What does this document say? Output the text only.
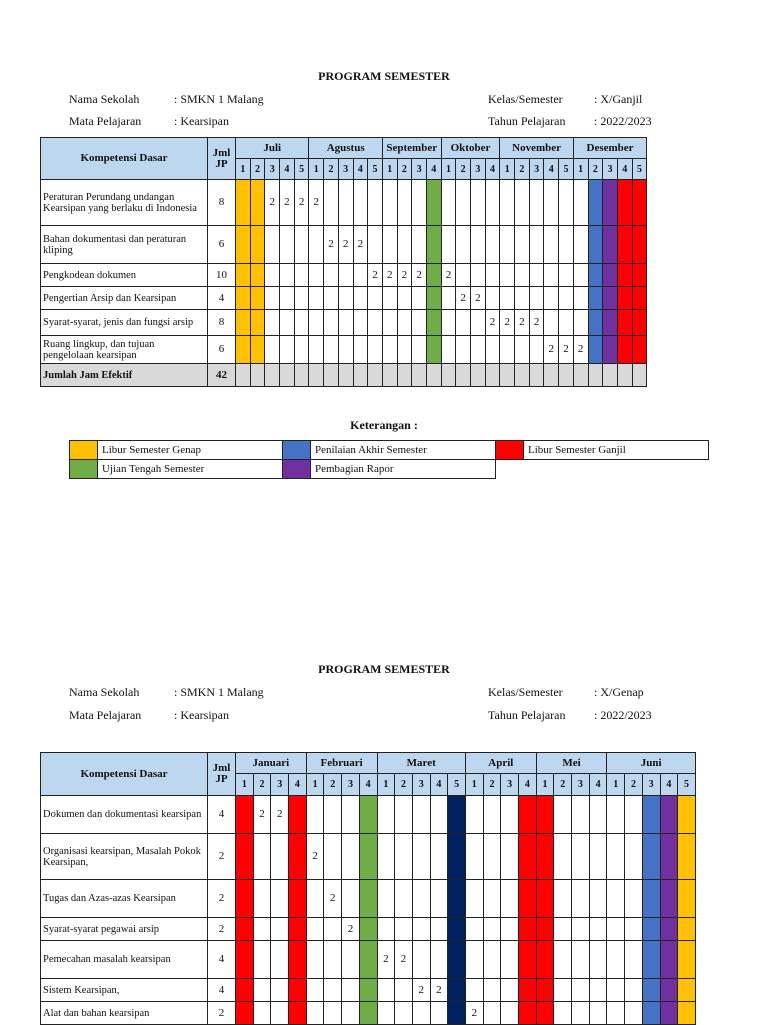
PROGRAM SEMESTER
Nama Sekolah	: SMKN 1 Malang	Kelas/Semester	: X/Ganjil
Mata Pelajaran	: Kearsipan	Tahun Pelajaran : 2022/2023
Kompetensi Dasar	Jml JP	Juli					Agustus					September				Oktober				November					Desember				
		1	2	3	4	5	1	2	3	4	5	1	2	3	4	1	2	3	4	1	2	3	4	5	1	2	3	4	5
Peraturan Perundang undangan Kearsipan yang berlaku di Indonesia	8			2	2	2	2																						
Bahan dokumentasi dan peraturan kliping	6							2	2	2																			
Pengkodean dokumen	10										2	2	2	2		2													
Pengertian Arsip dan Kearsipan	4																2	2											
Syarat-syarat, jenis dan fungsi arsip	8																		2	2	2	2							
Ruang lingkup, dan tujuan pengelolaan kearsipan	6																						2	2	2				
Jumlah Jam Efektif	42																												
Keterangan :
	Libur Semester Genap		Penilaian Akhir Semester		Libur Semester Ganjil
	Ujian Tengah Semester		Pembagian Rapor		
PROGRAM SEMESTER
Nama Sekolah	: SMKN 1 Malang	Kelas/Semester	: X/Genap
Mata Pelajaran	: Kearsipan	Tahun Pelajaran : 2022/2023
Kompetensi Dasar	Jml JP	Januari				Februari				Maret					April				Mei				Juni				
		1	2	3	4	1	2	3	4	1	2	3	4	5	1	2	3	4	1	2	3	4	1	2	3	4	5
Dokumen dan dokumentasi kearsipan	4		2	2																							
Organisasi kearsipan, Masalah Pokok Kearsipan,	2					2																					
Tugas dan Azas-azas Kearsipan	2						2																				
Syarat-syarat pegawai arsip	2							2																			
Pemecahan masalah kearsipan	4									2	2																
Sistem Kearsipan,	4											2	2														
Alat dan bahan kearsipan	2														2												
